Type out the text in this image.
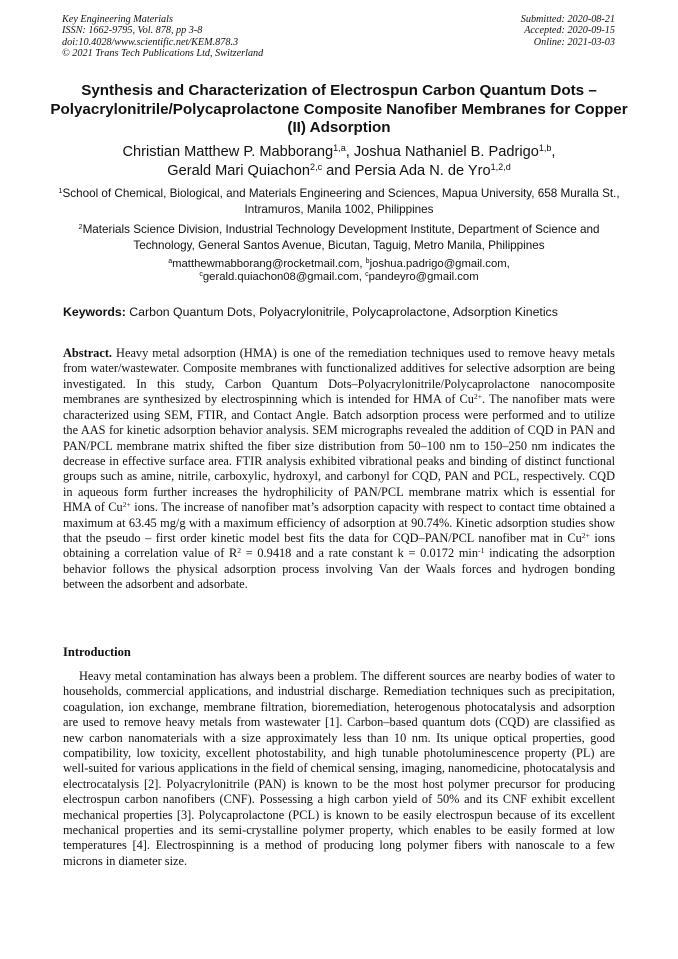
Key Engineering Materials
ISSN: 1662-9795, Vol. 878, pp 3-8
doi:10.4028/www.scientific.net/KEM.878.3
© 2021 Trans Tech Publications Ltd, Switzerland
Submitted: 2020-08-21
Accepted: 2020-09-15
Online: 2021-03-03
Synthesis and Characterization of Electrospun Carbon Quantum Dots – Polyacrylonitrile/Polycaprolactone Composite Nanofiber Membranes for Copper (II) Adsorption
Christian Matthew P. Mabborang$^{1,a}$, Joshua Nathaniel B. Padrigo$^{1,b}$,
Gerald Mari Quiachon$^{2,c}$ and Persia Ada N. de Yro$^{1,2,d}$
$^1$School of Chemical, Biological, and Materials Engineering and Sciences, Mapua University, 658 Muralla St., Intramuros, Manila 1002, Philippines
$^2$Materials Science Division, Industrial Technology Development Institute, Department of Science and Technology, General Santos Avenue, Bicutan, Taguig, Metro Manila, Philippines
$^a$matthewmabborang@rocketmail.com, $^b$joshua.padrigo@gmail.com,
$^c$gerald.quiachon08@gmail.com, $^c$pandeyro@gmail.com
Keywords: Carbon Quantum Dots, Polyacrylonitrile, Polycaprolactone, Adsorption Kinetics
Abstract. Heavy metal adsorption (HMA) is one of the remediation techniques used to remove heavy metals from water/wastewater. Composite membranes with functionalized additives for selective adsorption are being investigated. In this study, Carbon Quantum Dots–Polyacrylonitrile/Polycaprolactone nanocomposite membranes are synthesized by electrospinning which is intended for HMA of $Cu^{2+}$. The nanofiber mats were characterized using SEM, FTIR, and Contact Angle. Batch adsorption process were performed and to utilize the AAS for kinetic adsorption behavior analysis. SEM micrographs revealed the addition of CQD in PAN and PAN/PCL membrane matrix shifted the fiber size distribution from 50–100 nm to 150–250 nm indicates the decrease in effective surface area. FTIR analysis exhibited vibrational peaks and binding of distinct functional groups such as amine, nitrile, carboxylic, hydroxyl, and carbonyl for CQD, PAN and PCL, respectively. CQD in aqueous form further increases the hydrophilicity of PAN/PCL membrane matrix which is essential for HMA of $Cu^{2+}$ ions. The increase of nanofiber mat’s adsorption capacity with respect to contact time obtained a maximum at 63.45 mg/g with a maximum efficiency of adsorption at 90.74%. Kinetic adsorption studies show that the pseudo – first order kinetic model best fits the data for CQD–PAN/PCL nanofiber mat in $Cu^{2+}$ ions obtaining a correlation value of $R^2 = 0.9418$ and a rate constant k = 0.0172 $\min^{-1}$ indicating the adsorption behavior follows the physical adsorption process involving Van der Waals forces and hydrogen bonding between the adsorbent and adsorbate.
Introduction
Heavy metal contamination has always been a problem. The different sources are nearby bodies of water to households, commercial applications, and industrial discharge. Remediation techniques such as precipitation, coagulation, ion exchange, membrane filtration, bioremediation, heterogenous photocatalysis and adsorption are used to remove heavy metals from wastewater [1]. Carbon–based quantum dots (CQD) are classified as new carbon nanomaterials with a size approximately less than 10 nm. Its unique optical properties, good compatibility, low toxicity, excellent photostability, and high tunable photoluminescence property (PL) are well-suited for various applications in the field of chemical sensing, imaging, nanomedicine, photocatalysis and electrocatalysis [2]. Polyacrylonitrile (PAN) is known to be the most host polymer precursor for producing electrospun carbon nanofibers (CNF). Possessing a high carbon yield of 50% and its CNF exhibit excellent mechanical properties [3]. Polycaprolactone (PCL) is known to be easily electrospun because of its excellent mechanical properties and its semi-crystalline polymer property, which enables to be easily formed at low temperatures [4]. Electrospinning is a method of producing long polymer fibers with nanoscale to a few microns in diameter size.
